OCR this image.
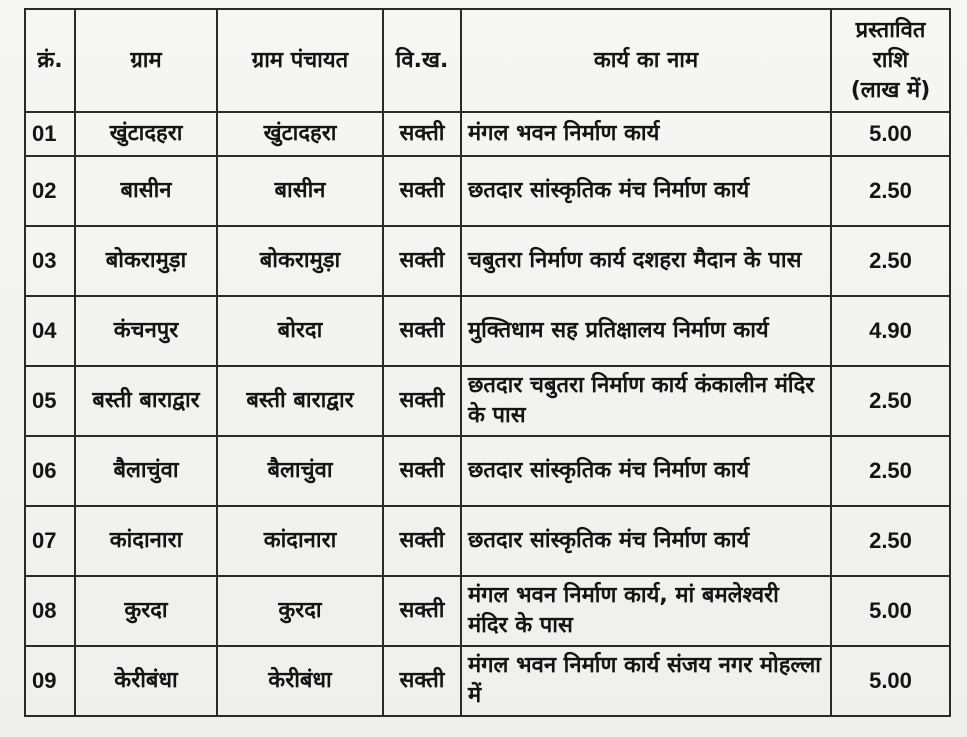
क्रं.	ग्राम	ग्राम पंचायत	वि.ख.	कार्य का नाम	प्रस्तावित
राशि
(लाख में)

01	खुंटादहरा	खुंटादहरा	सक्ती	मंगल भवन निर्माण कार्य	5.00
02	बासीन	बासीन	सक्ती	छतदार सांस्कृतिक मंच निर्माण कार्य	2.50
03	बोकरामुड़ा	बोकरामुड़ा	सक्ती	चबुतरा निर्माण कार्य दशहरा मैदान के पास	2.50
04	कंचनपुर	बोरदा	सक्ती	मुक्तिधाम सह प्रतिक्षालय निर्माण कार्य	4.90
05	बस्ती बाराद्वार	बस्ती बाराद्वार	सक्ती	छतदार चबुतरा निर्माण कार्य कंकालीन मंदिर के पास	2.50
06	बैलाचुंवा	बैलाचुंवा	सक्ती	छतदार सांस्कृतिक मंच निर्माण कार्य	2.50
07	कांदानारा	कांदानारा	सक्ती	छतदार सांस्कृतिक मंच निर्माण कार्य	2.50
08	कुरदा	कुरदा	सक्ती	मंगल भवन निर्माण कार्य, मां बमलेश्वरी मंदिर के पास	5.00
09	केरीबंधा	केरीबंधा	सक्ती	मंगल भवन निर्माण कार्य संजय नगर मोहल्ला में	5.00
